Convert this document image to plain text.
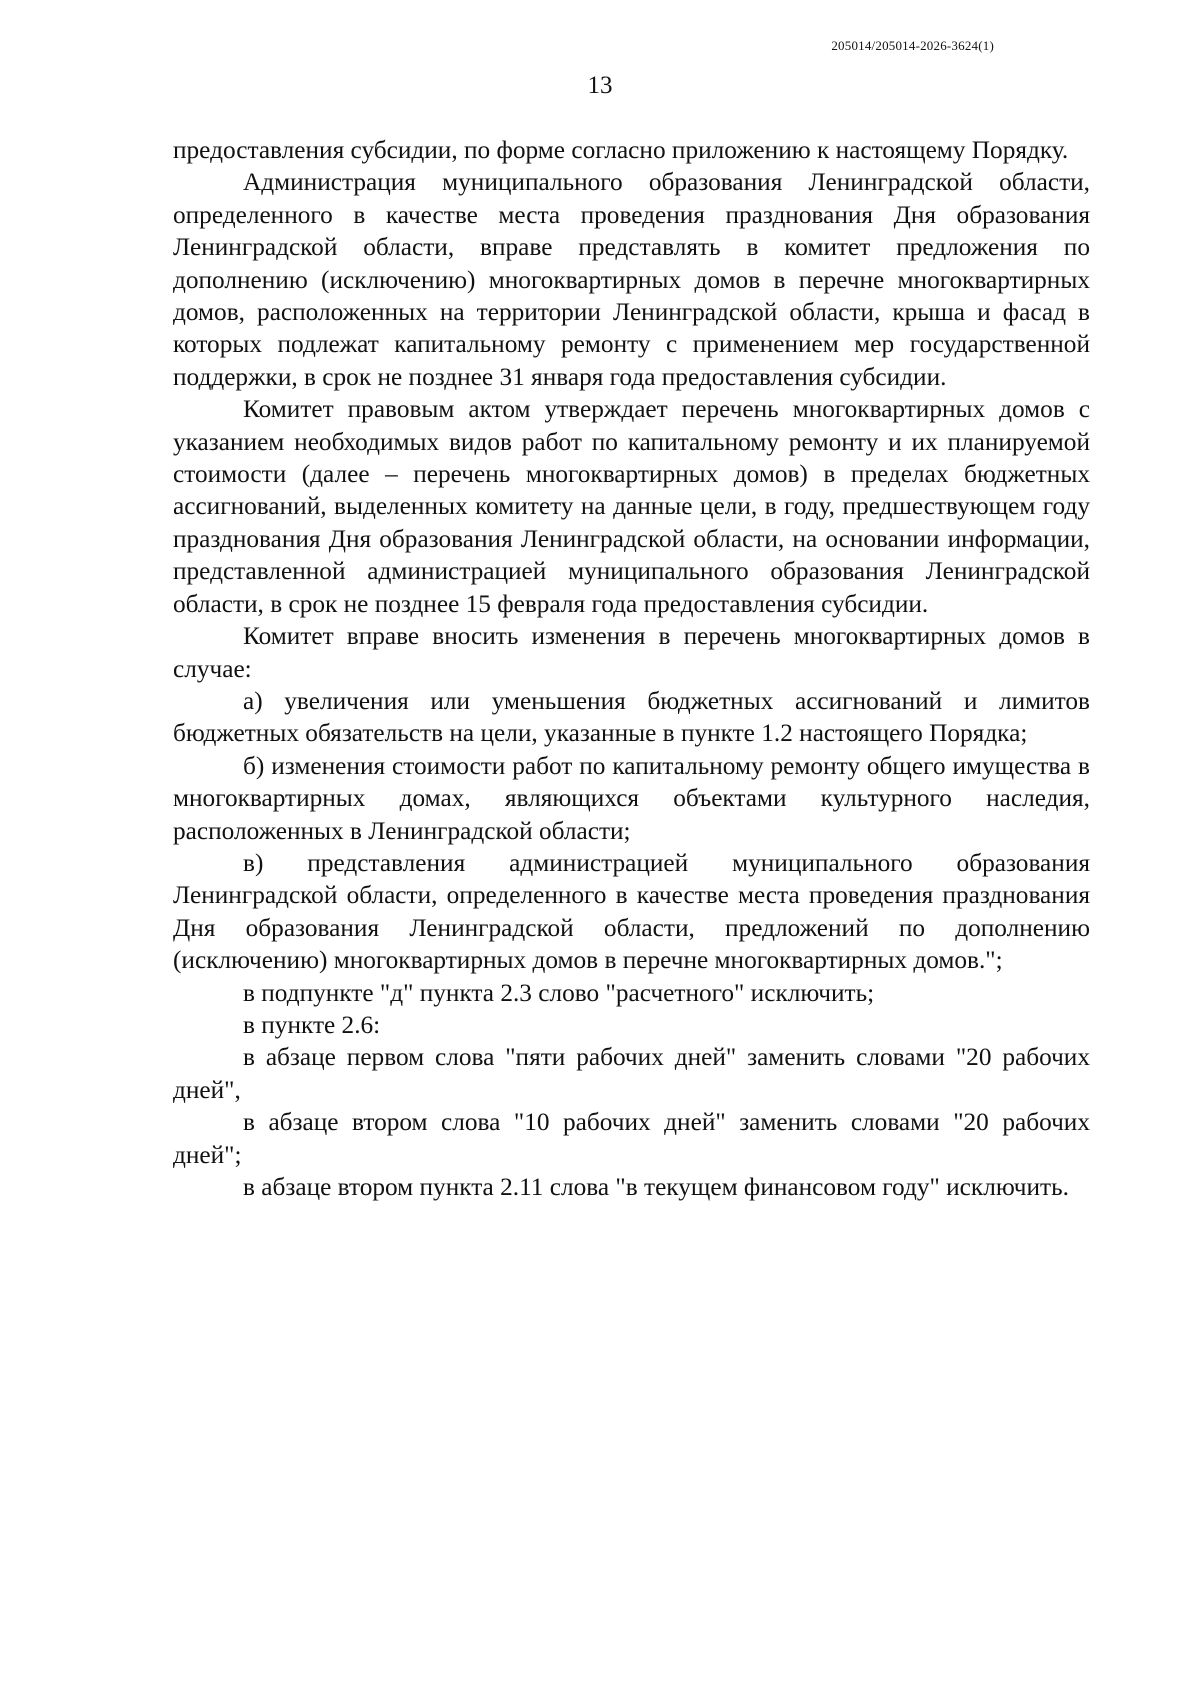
205014/205014-2026-3624(1)
13

предоставления субсидии, по форме согласно приложению к настоящему Порядку.

Администрация муниципального образования Ленинградской области, определенного в качестве места проведения празднования Дня образования Ленинградской области, вправе представлять в комитет предложения по дополнению (исключению) многоквартирных домов в перечне многоквартирных домов, расположенных на территории Ленинградской области, крыша и фасад в которых подлежат капитальному ремонту с применением мер государственной поддержки, в срок не позднее 31 января года предоставления субсидии.

Комитет правовым актом утверждает перечень многоквартирных домов с указанием необходимых видов работ по капитальному ремонту и их планируемой стоимости (далее – перечень многоквартирных домов) в пределах бюджетных ассигнований, выделенных комитету на данные цели, в году, предшествующем году празднования Дня образования Ленинградской области, на основании информации, представленной администрацией муниципального образования Ленинградской области, в срок не позднее 15 февраля года предоставления субсидии.

Комитет вправе вносить изменения в перечень многоквартирных домов в случае:

а) увеличения или уменьшения бюджетных ассигнований и лимитов бюджетных обязательств на цели, указанные в пункте 1.2 настоящего Порядка;

б) изменения стоимости работ по капитальному ремонту общего имущества в многоквартирных домах, являющихся объектами культурного наследия, расположенных в Ленинградской области;

в) представления администрацией муниципального образования Ленинградской области, определенного в качестве места проведения празднования Дня образования Ленинградской области, предложений по дополнению (исключению) многоквартирных домов в перечне многоквартирных домов.";

в подпункте "д" пункта 2.3 слово "расчетного" исключить;

в пункте 2.6:

в абзаце первом слова "пяти рабочих дней" заменить словами "20 рабочих дней",

в абзаце втором слова "10 рабочих дней" заменить словами "20 рабочих дней";

в абзаце втором пункта 2.11 слова "в текущем финансовом году" исключить.
